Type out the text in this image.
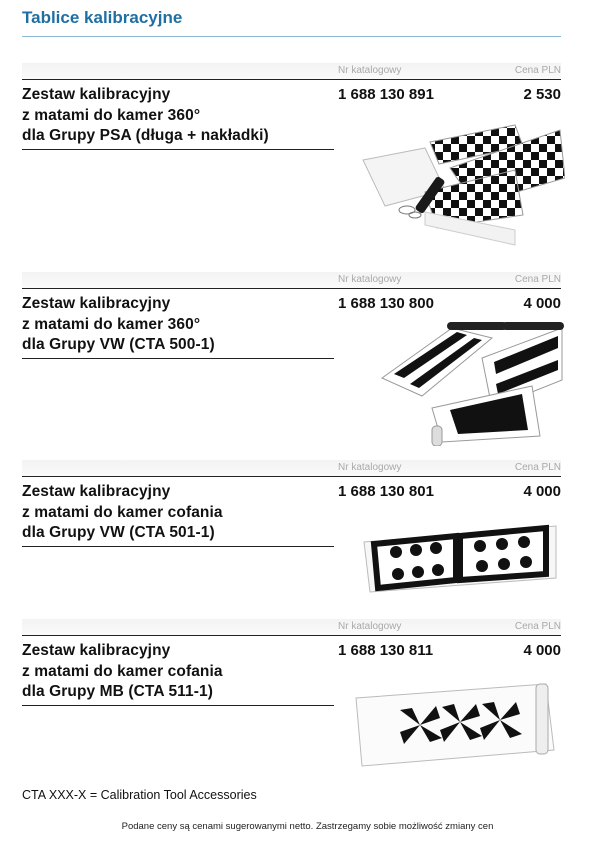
Tablice kalibracyjne
Nr katalogowy	Cena PLN
Zestaw kalibracyjny
z matami do kamer 360°
dla Grupy PSA (długa + nakładki)
1 688 130 891	2 530
Nr katalogowy	Cena PLN
Zestaw kalibracyjny
z matami do kamer 360°
dla Grupy VW (CTA 500-1)
1 688 130 800	4 000
Nr katalogowy	Cena PLN
Zestaw kalibracyjny
z matami do kamer cofania
dla Grupy VW (CTA 501-1)
1 688 130 801	4 000
Nr katalogowy	Cena PLN
Zestaw kalibracyjny
z matami do kamer cofania
dla Grupy MB (CTA 511-1)
1 688 130 811	4 000
CTA XXX-X = Calibration Tool Accessories
Podane ceny są cenami sugerowanymi netto. Zastrzegamy sobie możliwość zmiany cen
